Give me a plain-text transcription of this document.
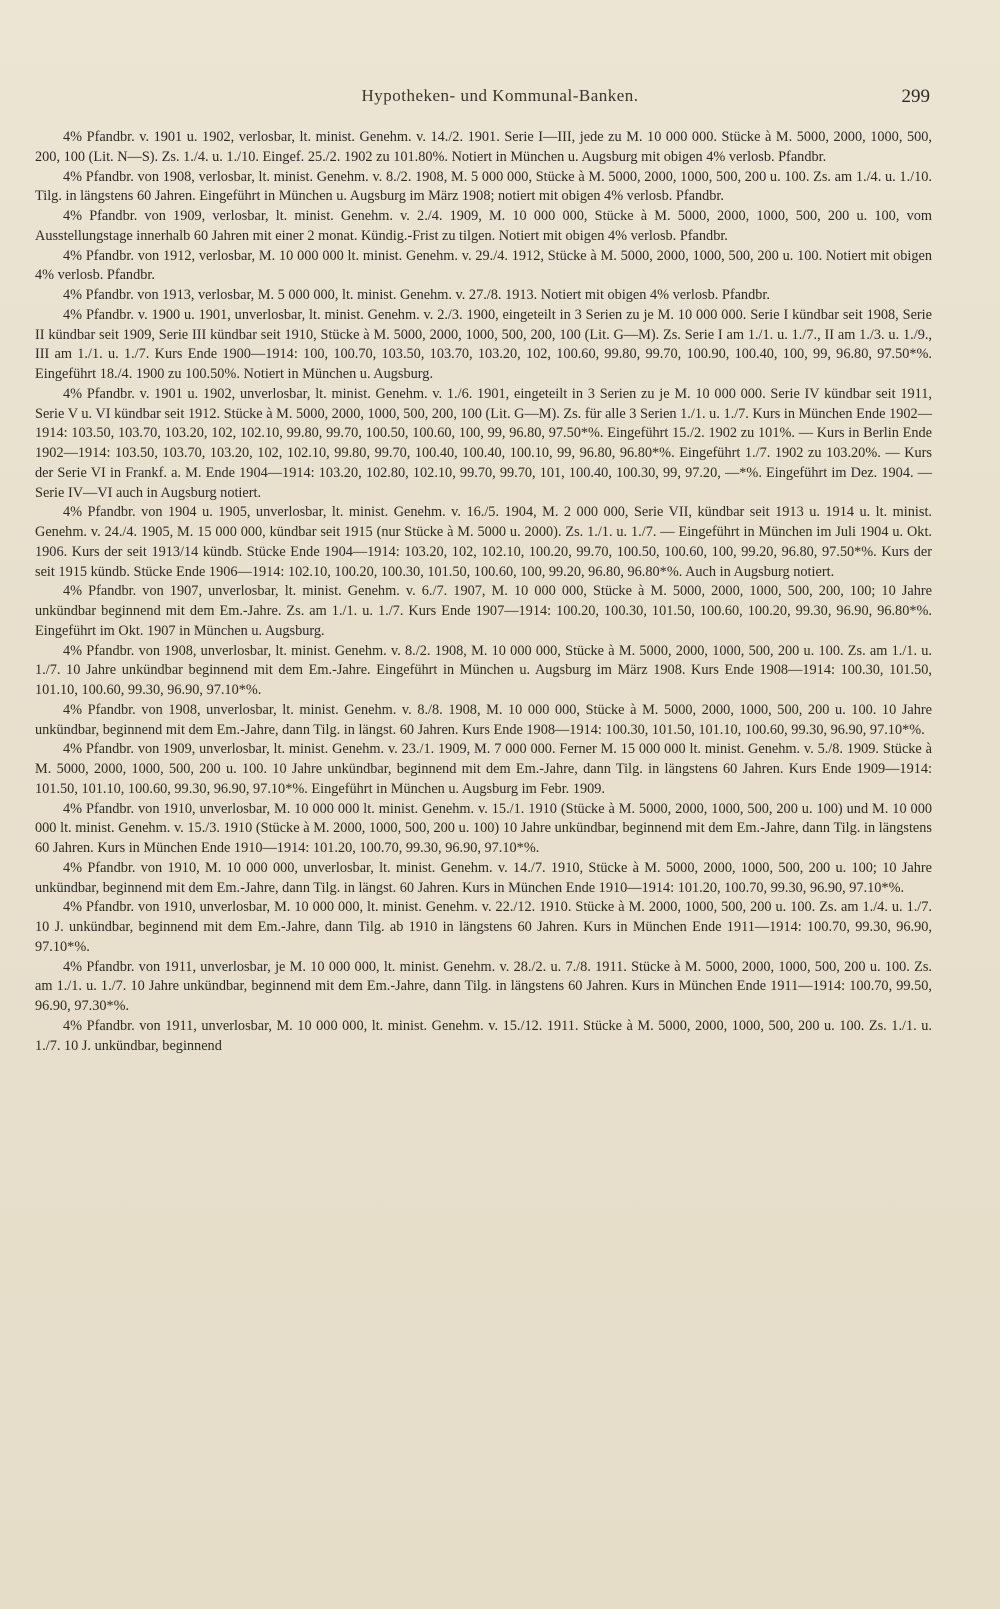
Hypotheken- und Kommunal-Banken.	299

4% Pfandbr. v. 1901 u. 1902, verlosbar, lt. minist. Genehm. v. 14./2. 1901. Serie I—III, jede zu M. 10 000 000. Stücke à M. 5000, 2000, 1000, 500, 200, 100 (Lit. N—S). Zs. 1./4. u. 1./10. Eingef. 25./2. 1902 zu 101.80%. Notiert in München u. Augsburg mit obigen 4% verlosb. Pfandbr.

4% Pfandbr. von 1908, verlosbar, lt. minist. Genehm. v. 8./2. 1908, M. 5 000 000, Stücke à M. 5000, 2000, 1000, 500, 200 u. 100. Zs. am 1./4. u. 1./10. Tilg. in längstens 60 Jahren. Eingeführt in München u. Augsburg im März 1908; notiert mit obigen 4% verlosb. Pfandbr.

4% Pfandbr. von 1909, verlosbar, lt. minist. Genehm. v. 2./4. 1909, M. 10 000 000, Stücke à M. 5000, 2000, 1000, 500, 200 u. 100, vom Ausstellungstage innerhalb 60 Jahren mit einer 2 monat. Kündig.-Frist zu tilgen. Notiert mit obigen 4% verlosb. Pfandbr.

4% Pfandbr. von 1912, verlosbar, M. 10 000 000 lt. minist. Genehm. v. 29./4. 1912, Stücke à M. 5000, 2000, 1000, 500, 200 u. 100. Notiert mit obigen 4% verlosb. Pfandbr.

4% Pfandbr. von 1913, verlosbar, M. 5 000 000, lt. minist. Genehm. v. 27./8. 1913. Notiert mit obigen 4% verlosb. Pfandbr.

4% Pfandbr. v. 1900 u. 1901, unverlosbar, lt. minist. Genehm. v. 2./3. 1900, eingeteilt in 3 Serien zu je M. 10 000 000. Serie I kündbar seit 1908, Serie II kündbar seit 1909, Serie III kündbar seit 1910, Stücke à M. 5000, 2000, 1000, 500, 200, 100 (Lit. G—M). Zs. Serie I am 1./1. u. 1./7., II am 1./3. u. 1./9., III am 1./1. u. 1./7. Kurs Ende 1900—1914: 100, 100.70, 103.50, 103.70, 103.20, 102, 100.60, 99.80, 99.70, 100.90, 100.40, 100, 99, 96.80, 97.50*%. Eingeführt 18./4. 1900 zu 100.50%. Notiert in München u. Augsburg.

4% Pfandbr. v. 1901 u. 1902, unverlosbar, lt. minist. Genehm. v. 1./6. 1901, eingeteilt in 3 Serien zu je M. 10 000 000. Serie IV kündbar seit 1911, Serie V u. VI kündbar seit 1912. Stücke à M. 5000, 2000, 1000, 500, 200, 100 (Lit. G—M). Zs. für alle 3 Serien 1./1. u. 1./7. Kurs in München Ende 1902—1914: 103.50, 103.70, 103.20, 102, 102.10, 99.80, 99.70, 100.50, 100.60, 100, 99, 96.80, 97.50*%. Eingeführt 15./2. 1902 zu 101%. — Kurs in Berlin Ende 1902—1914: 103.50, 103.70, 103.20, 102, 102.10, 99.80, 99.70, 100.40, 100.40, 100.10, 99, 96.80, 96.80*%. Eingeführt 1./7. 1902 zu 103.20%. — Kurs der Serie VI in Frankf. a. M. Ende 1904—1914: 103.20, 102.80, 102.10, 99.70, 99.70, 101, 100.40, 100.30, 99, 97.20, —*%. Eingeführt im Dez. 1904. — Serie IV—VI auch in Augsburg notiert.

4% Pfandbr. von 1904 u. 1905, unverlosbar, lt. minist. Genehm. v. 16./5. 1904, M. 2 000 000, Serie VII, kündbar seit 1913 u. 1914 u. lt. minist. Genehm. v. 24./4. 1905, M. 15 000 000, kündbar seit 1915 (nur Stücke à M. 5000 u. 2000). Zs. 1./1. u. 1./7. — Eingeführt in München im Juli 1904 u. Okt. 1906. Kurs der seit 1913/14 kündb. Stücke Ende 1904—1914: 103.20, 102, 102.10, 100.20, 99.70, 100.50, 100.60, 100, 99.20, 96.80, 97.50*%. Kurs der seit 1915 kündb. Stücke Ende 1906—1914: 102.10, 100.20, 100.30, 101.50, 100.60, 100, 99.20, 96.80, 96.80*%. Auch in Augsburg notiert.

4% Pfandbr. von 1907, unverlosbar, lt. minist. Genehm. v. 6./7. 1907, M. 10 000 000, Stücke à M. 5000, 2000, 1000, 500, 200, 100; 10 Jahre unkündbar beginnend mit dem Em.-Jahre. Zs. am 1./1. u. 1./7. Kurs Ende 1907—1914: 100.20, 100.30, 101.50, 100.60, 100.20, 99.30, 96.90, 96.80*%. Eingeführt im Okt. 1907 in München u. Augsburg.

4% Pfandbr. von 1908, unverlosbar, lt. minist. Genehm. v. 8./2. 1908, M. 10 000 000, Stücke à M. 5000, 2000, 1000, 500, 200 u. 100. Zs. am 1./1. u. 1./7. 10 Jahre unkündbar beginnend mit dem Em.-Jahre. Eingeführt in München u. Augsburg im März 1908. Kurs Ende 1908—1914: 100.30, 101.50, 101.10, 100.60, 99.30, 96.90, 97.10*%.

4% Pfandbr. von 1908, unverlosbar, lt. minist. Genehm. v. 8./8. 1908, M. 10 000 000, Stücke à M. 5000, 2000, 1000, 500, 200 u. 100. 10 Jahre unkündbar, beginnend mit dem Em.-Jahre, dann Tilg. in längst. 60 Jahren. Kurs Ende 1908—1914: 100.30, 101.50, 101.10, 100.60, 99.30, 96.90, 97.10*%.

4% Pfandbr. von 1909, unverlosbar, lt. minist. Genehm. v. 23./1. 1909, M. 7 000 000. Ferner M. 15 000 000 lt. minist. Genehm. v. 5./8. 1909. Stücke à M. 5000, 2000, 1000, 500, 200 u. 100. 10 Jahre unkündbar, beginnend mit dem Em.-Jahre, dann Tilg. in längstens 60 Jahren. Kurs Ende 1909—1914: 101.50, 101.10, 100.60, 99.30, 96.90, 97.10*%. Eingeführt in München u. Augsburg im Febr. 1909.

4% Pfandbr. von 1910, unverlosbar, M. 10 000 000 lt. minist. Genehm. v. 15./1. 1910 (Stücke à M. 5000, 2000, 1000, 500, 200 u. 100) und M. 10 000 000 lt. minist. Genehm. v. 15./3. 1910 (Stücke à M. 2000, 1000, 500, 200 u. 100) 10 Jahre unkündbar, beginnend mit dem Em.-Jahre, dann Tilg. in längstens 60 Jahren. Kurs in München Ende 1910—1914: 101.20, 100.70, 99.30, 96.90, 97.10*%.

4% Pfandbr. von 1910, M. 10 000 000, unverlosbar, lt. minist. Genehm. v. 14./7. 1910, Stücke à M. 5000, 2000, 1000, 500, 200 u. 100; 10 Jahre unkündbar, beginnend mit dem Em.-Jahre, dann Tilg. in längst. 60 Jahren. Kurs in München Ende 1910—1914: 101.20, 100.70, 99.30, 96.90, 97.10*%.

4% Pfandbr. von 1910, unverlosbar, M. 10 000 000, lt. minist. Genehm. v. 22./12. 1910. Stücke à M. 2000, 1000, 500, 200 u. 100. Zs. am 1./4. u. 1./7. 10 J. unkündbar, beginnend mit dem Em.-Jahre, dann Tilg. ab 1910 in längstens 60 Jahren. Kurs in München Ende 1911—1914: 100.70, 99.30, 96.90, 97.10*%.

4% Pfandbr. von 1911, unverlosbar, je M. 10 000 000, lt. minist. Genehm. v. 28./2. u. 7./8. 1911. Stücke à M. 5000, 2000, 1000, 500, 200 u. 100. Zs. am 1./1. u. 1./7. 10 Jahre unkündbar, beginnend mit dem Em.-Jahre, dann Tilg. in längstens 60 Jahren. Kurs in München Ende 1911—1914: 100.70, 99.50, 96.90, 97.30*%.

4% Pfandbr. von 1911, unverlosbar, M. 10 000 000, lt. minist. Genehm. v. 15./12. 1911. Stücke à M. 5000, 2000, 1000, 500, 200 u. 100. Zs. 1./1. u. 1./7. 10 J. unkündbar, beginnend
